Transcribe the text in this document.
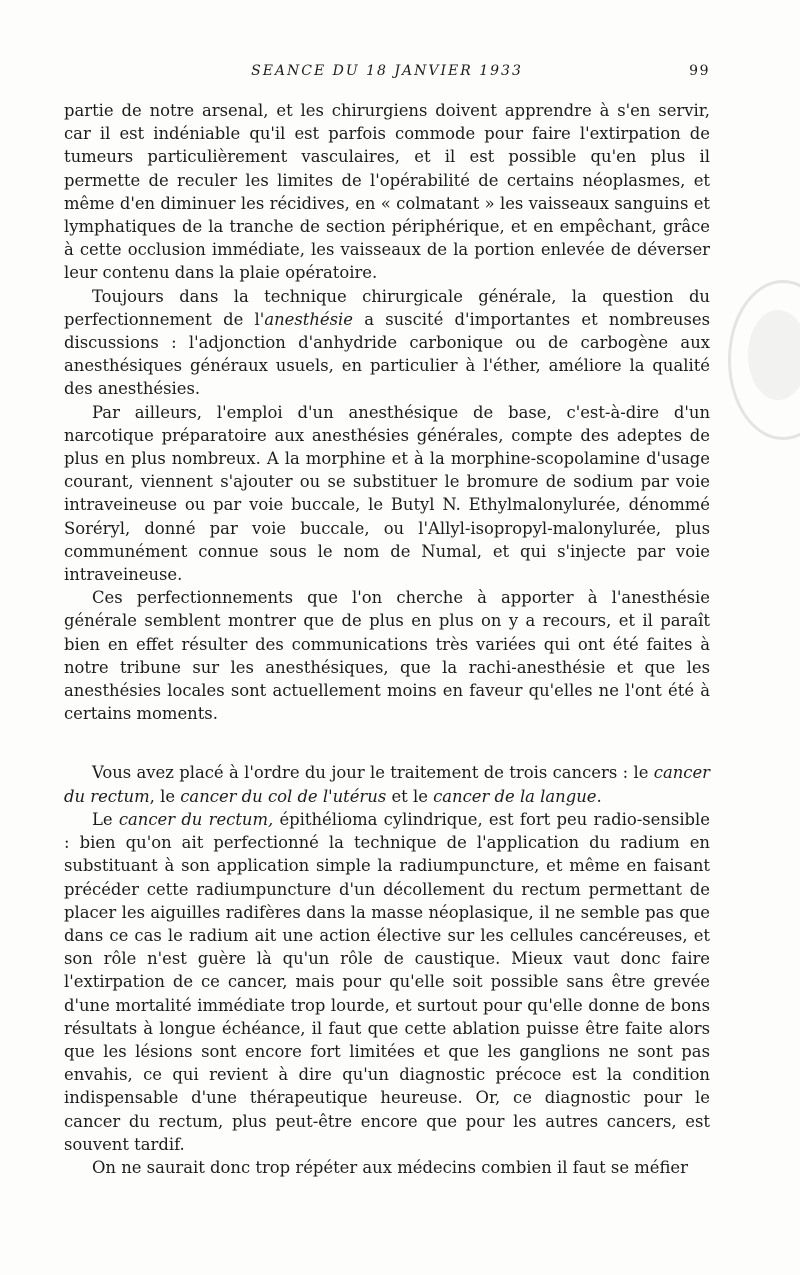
SEANCE DU 18 JANVIER 1933	99

partie de notre arsenal, et les chirurgiens doivent apprendre à s'en servir, car il est indéniable qu'il est parfois commode pour faire l'extirpation de tumeurs particulièrement vasculaires, et il est possible qu'en plus il permette de reculer les limites de l'opérabilité de certains néoplasmes, et même d'en diminuer les récidives, en « colmatant » les vaisseaux sanguins et lymphatiques de la tranche de section périphérique, et en empêchant, grâce à cette occlusion immédiate, les vaisseaux de la portion enlevée de déverser leur contenu dans la plaie opératoire.

Toujours dans la technique chirurgicale générale, la question du perfectionnement de l'anesthésie a suscité d'importantes et nombreuses discussions : l'adjonction d'anhydride carbonique ou de carbogène aux anesthésiques généraux usuels, en particulier à l'éther, améliore la qualité des anesthésies.

Par ailleurs, l'emploi d'un anesthésique de base, c'est-à-dire d'un narcotique préparatoire aux anesthésies générales, compte des adeptes de plus en plus nombreux. A la morphine et à la morphine-scopolamine d'usage courant, viennent s'ajouter ou se substituer le bromure de sodium par voie intraveineuse ou par voie buccale, le Butyl N. Ethylmalonylurée, dénommé Soréryl, donné par voie buccale, ou l'Allyl-isopropyl-malonylurée, plus communément connue sous le nom de Numal, et qui s'injecte par voie intraveineuse.

Ces perfectionnements que l'on cherche à apporter à l'anesthésie générale semblent montrer que de plus en plus on y a recours, et il paraît bien en effet résulter des communications très variées qui ont été faites à notre tribune sur les anesthésiques, que la rachi-anesthésie et que les anesthésies locales sont actuellement moins en faveur qu'elles ne l'ont été à certains moments.

Vous avez placé à l'ordre du jour le traitement de trois cancers : le cancer du rectum, le cancer du col de l'utérus et le cancer de la langue.

Le cancer du rectum, épithélioma cylindrique, est fort peu radio-sensible : bien qu'on ait perfectionné la technique de l'application du radium en substituant à son application simple la radiumpuncture, et même en faisant précéder cette radiumpuncture d'un décollement du rectum permettant de placer les aiguilles radifères dans la masse néoplasique, il ne semble pas que dans ce cas le radium ait une action élective sur les cellules cancéreuses, et son rôle n'est guère là qu'un rôle de caustique. Mieux vaut donc faire l'extirpation de ce cancer, mais pour qu'elle soit possible sans être grevée d'une mortalité immédiate trop lourde, et surtout pour qu'elle donne de bons résultats à longue échéance, il faut que cette ablation puisse être faite alors que les lésions sont encore fort limitées et que les ganglions ne sont pas envahis, ce qui revient à dire qu'un diagnostic précoce est la condition indispensable d'une thérapeutique heureuse. Or, ce diagnostic pour le cancer du rectum, plus peut-être encore que pour les autres cancers, est souvent tardif.

On ne saurait donc trop répéter aux médecins combien il faut se méfier
